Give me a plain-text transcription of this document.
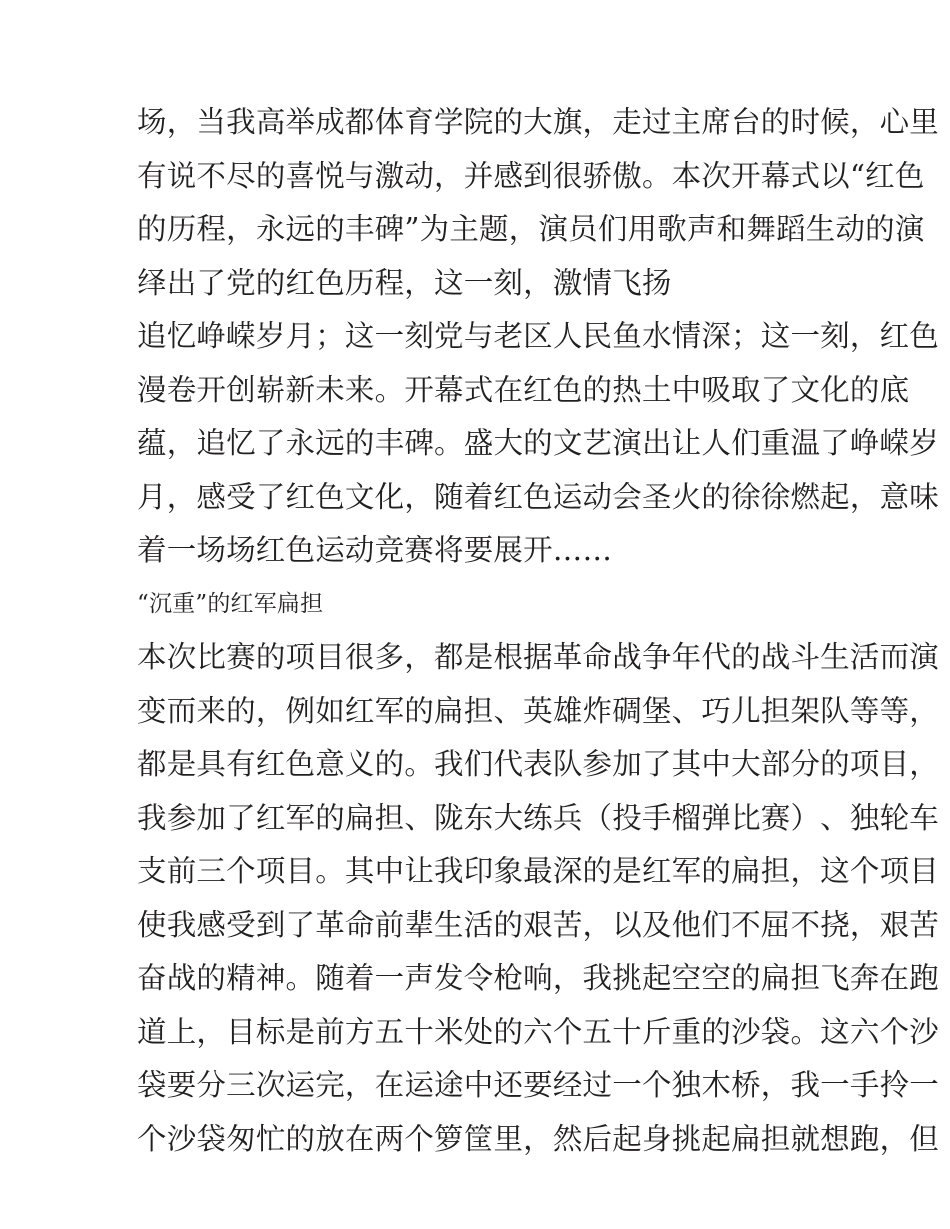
场 ， 当 我 高 举 成 都 体 育 学 院 的 大 旗 ， 走 过 主 席 台 的 时 候 ， 心 里
有 说 不 尽 的 喜 悦 与 激 动 ， 并 感 到 很 骄 傲 。 本 次 开 幕 式 以 “ 红 色
的 历 程 ， 永 远 的 丰 碑 ” 为 主 题 ， 演 员 们 用 歌 声 和 舞 蹈 生 动 的 演
绎出了党的红色历程，这一刻，激情飞扬
追 忆 峥 嵘 岁 月 ； 这 一 刻 党 与 老 区 人 民 鱼 水 情 深 ； 这 一 刻 ， 红 色
漫 卷 开 创 崭 新 未 来 。 开 幕 式 在 红 色 的 热 土 中 吸 取 了 文 化 的 底
蕴 ， 追 忆 了 永 远 的 丰 碑 。 盛 大 的 文 艺 演 出 让 人 们 重 温 了 峥 嵘 岁
月 ， 感 受 了 红 色 文 化 ， 随 着 红 色 运 动 会 圣 火 的 徐 徐 燃 起 ， 意 味
着一场场红色运动竞赛将要展开……
“沉重”的红军扁担
本 次 比 赛 的 项 目 很 多 ， 都 是 根 据 革 命 战 争 年 代 的 战 斗 生 活 而 演
变 而 来 的 ， 例 如 红 军 的 扁 担 、 英 雄 炸 碉 堡 、 巧 儿 担 架 队 等 等 ，
都 是 具 有 红 色 意 义 的 。 我 们 代 表 队 参 加 了 其 中 大 部 分 的 项 目 ，
我 参 加 了 红 军 的 扁 担 、 陇 东 大 练 兵 （ 投 手 榴 弹 比 赛 ） 、 独 轮 车
支 前 三 个 项 目 。 其 中 让 我 印 象 最 深 的 是 红 军 的 扁 担 ， 这 个 项 目
使 我 感 受 到 了 革 命 前 辈 生 活 的 艰 苦 ， 以 及 他 们 不 屈 不 挠 ， 艰 苦
奋 战 的 精 神 。 随 着 一 声 发 令 枪 响 ， 我 挑 起 空 空 的 扁 担 飞 奔 在 跑
道 上 ， 目 标 是 前 方 五 十 米 处 的 六 个 五 十 斤 重 的 沙 袋 。 这 六 个 沙
袋 要 分 三 次 运 完 ， 在 运 途 中 还 要 经 过 一 个 独 木 桥 ， 我 一 手 拎 一
个 沙 袋 匆 忙 的 放 在 两 个 箩 筐 里 ， 然 后 起 身 挑 起 扁 担 就 想 跑 ， 但
